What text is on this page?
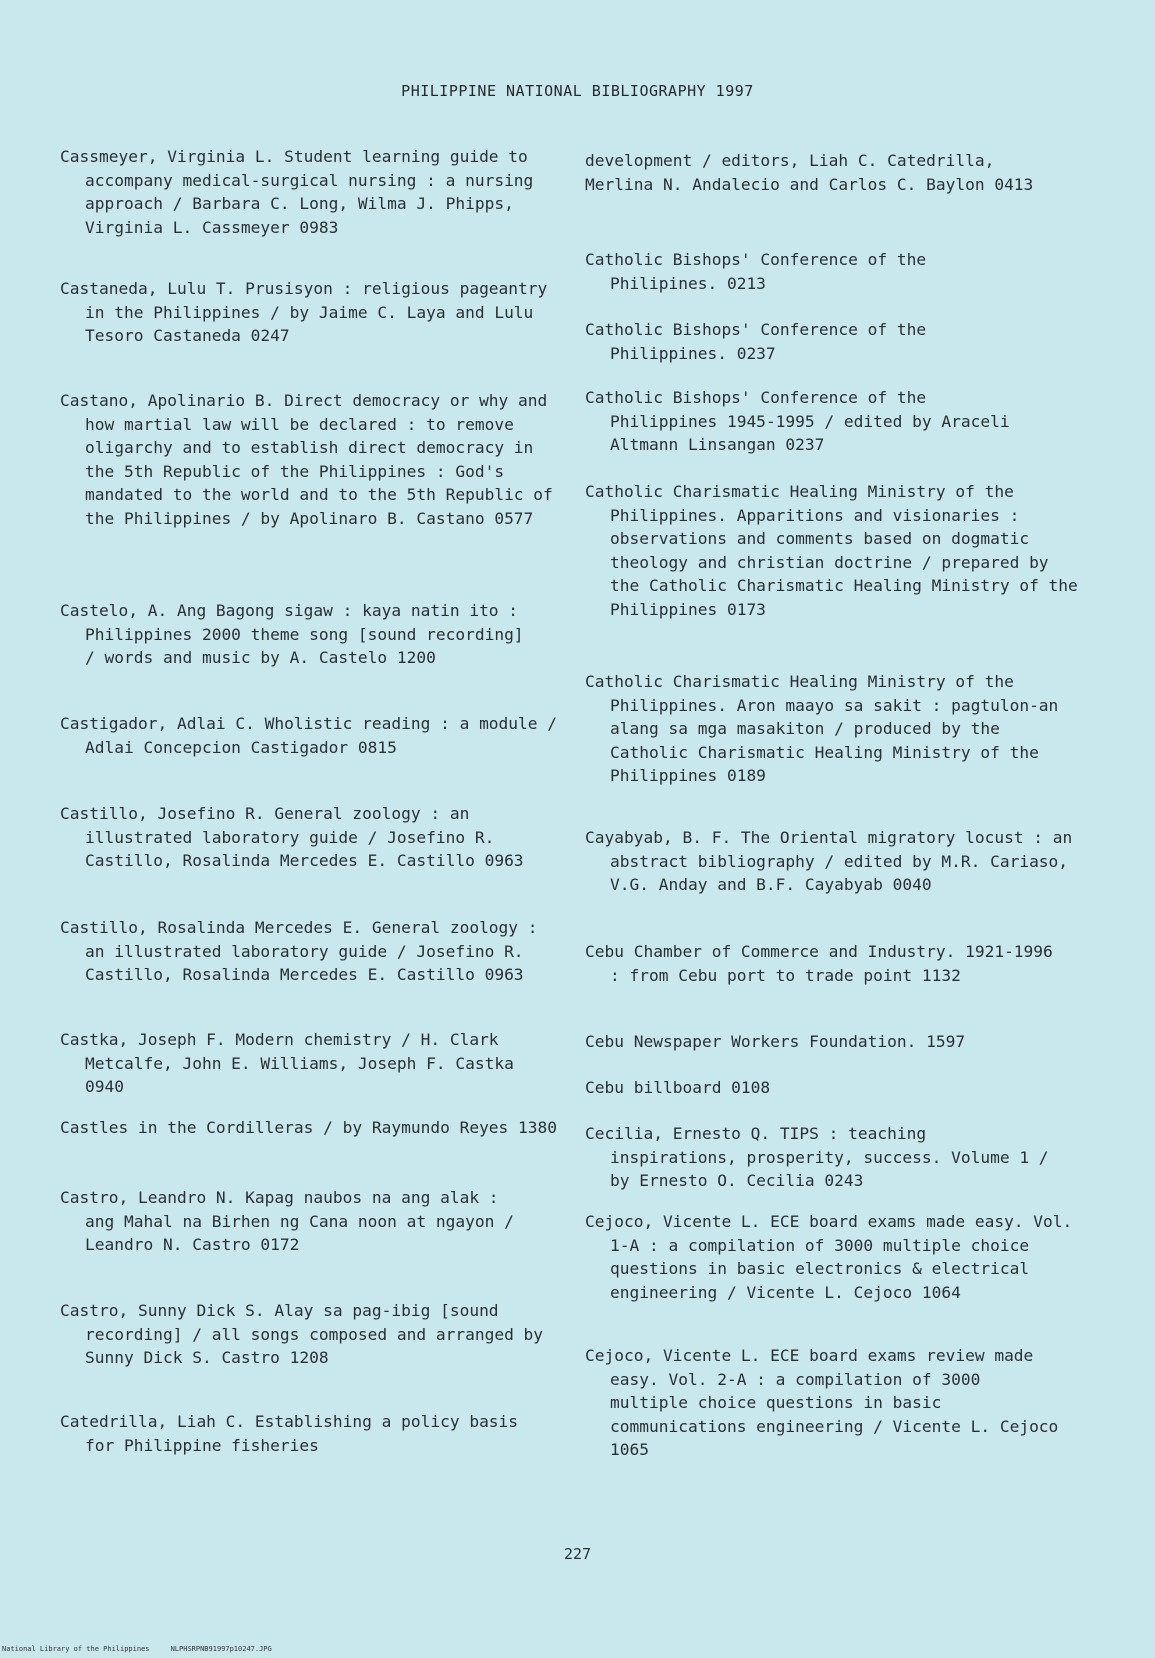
PHILIPPINE NATIONAL BIBLIOGRAPHY 1997

Cassmeyer, Virginia L. Student learning guide to accompany medical-surgical nursing : a nursing approach / Barbara C. Long, Wilma J. Phipps, Virginia L. Cassmeyer 0983

Castaneda, Lulu T. Prusisyon : religious pageantry in the Philippines / by Jaime C. Laya and Lulu Tesoro Castaneda 0247

Castano, Apolinario B. Direct democracy or why and how martial law will be declared : to remove oligarchy and to establish direct democracy in the 5th Republic of the Philippines : God's mandated to the world and to the 5th Republic of the Philippines / by Apolinaro B. Castano 0577

Castelo, A. Ang Bagong sigaw : kaya natin ito : Philippines 2000 theme song [sound recording] / words and music by A. Castelo 1200

Castigador, Adlai C. Wholistic reading : a module / Adlai Concepcion Castigador 0815

Castillo, Josefino R. General zoology : an illustrated laboratory guide / Josefino R. Castillo, Rosalinda Mercedes E. Castillo 0963

Castillo, Rosalinda Mercedes E. General zoology : an illustrated laboratory guide / Josefino R. Castillo, Rosalinda Mercedes E. Castillo 0963

Castka, Joseph F. Modern chemistry / H. Clark Metcalfe, John E. Williams, Joseph F. Castka 0940

Castles in the Cordilleras / by Raymundo Reyes 1380

Castro, Leandro N. Kapag naubos na ang alak : ang Mahal na Birhen ng Cana noon at ngayon / Leandro N. Castro 0172

Castro, Sunny Dick S. Alay sa pag-ibig [sound recording] / all songs composed and arranged by Sunny Dick S. Castro 1208

Catedrilla, Liah C. Establishing a policy basis for Philippine fisheries

development / editors, Liah C. Catedrilla, Merlina N. Andalecio and Carlos C. Baylon 0413

Catholic Bishops' Conference of the Philipines. 0213

Catholic Bishops' Conference of the Philippines. 0237

Catholic Bishops' Conference of the Philippines 1945-1995 / edited by Araceli Altmann Linsangan 0237

Catholic Charismatic Healing Ministry of the Philippines. Apparitions and visionaries : observations and comments based on dogmatic theology and christian doctrine / prepared by the Catholic Charismatic Healing Ministry of the Philippines 0173

Catholic Charismatic Healing Ministry of the Philippines. Aron maayo sa sakit : pagtulon-an alang sa mga masakiton / produced by the Catholic Charismatic Healing Ministry of the Philippines 0189

Cayabyab, B. F. The Oriental migratory locust : an abstract bibliography / edited by M.R. Cariaso, V.G. Anday and B.F. Cayabyab 0040

Cebu Chamber of Commerce and Industry. 1921-1996 : from Cebu port to trade point 1132

Cebu Newspaper Workers Foundation. 1597

Cebu billboard 0108

Cecilia, Ernesto Q. TIPS : teaching inspirations, prosperity, success. Volume 1 / by Ernesto O. Cecilia 0243

Cejoco, Vicente L. ECE board exams made easy. Vol. 1-A : a compilation of 3000 multiple choice questions in basic electronics & electrical engineering / Vicente L. Cejoco 1064

Cejoco, Vicente L. ECE board exams review made easy. Vol. 2-A : a compilation of 3000 multiple choice questions in basic communications engineering / Vicente L. Cejoco 1065

227
National Library of the Philippines	NLPHSRPNB91997p10247.JPG
